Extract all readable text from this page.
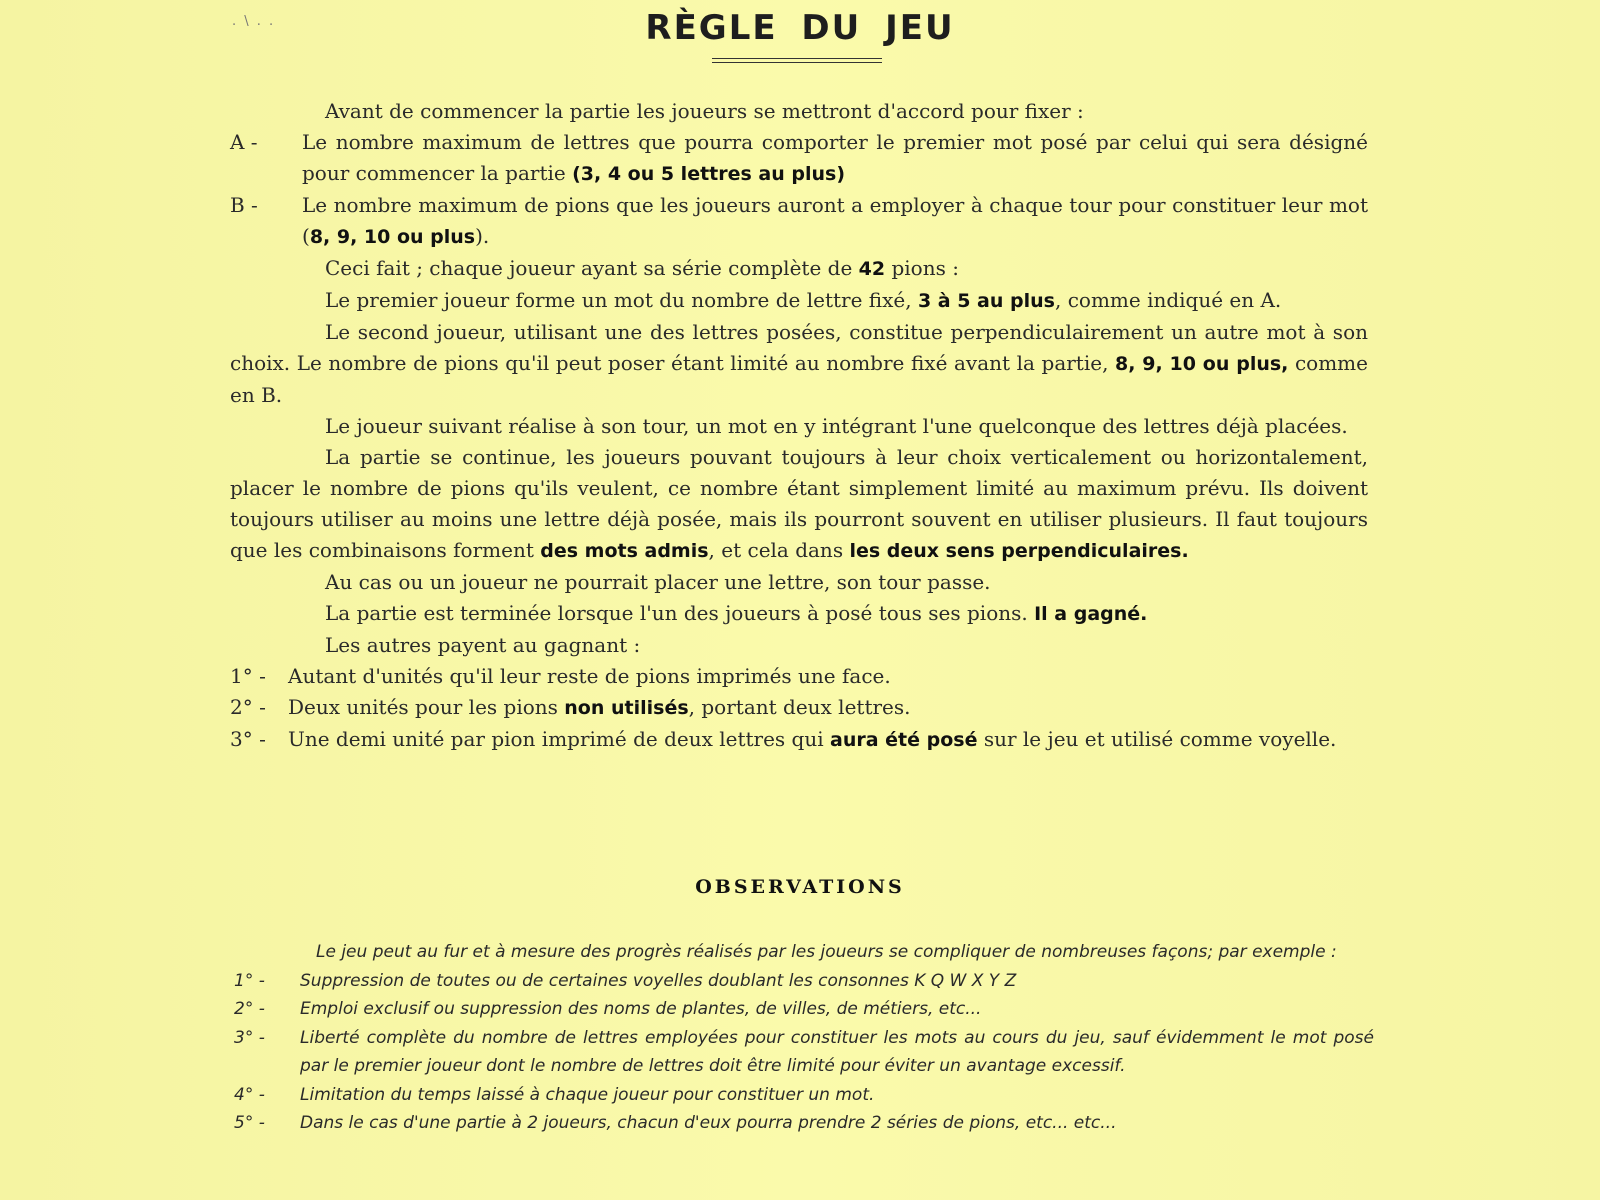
. \ . .	RÈGLE DU JEU

Avant de commencer la partie les joueurs se mettront d'accord pour fixer :

A -	Le nombre maximum de lettres que pourra comporter le premier mot posé par celui qui sera désigné pour commencer la partie (3, 4 ou 5 lettres au plus)
B -	Le nombre maximum de pions que les joueurs auront a employer à chaque tour pour constituer leur mot (8, 9, 10 ou plus).

Ceci fait ; chaque joueur ayant sa série complète de 42 pions :

Le premier joueur forme un mot du nombre de lettre fixé, 3 à 5 au plus, comme indiqué en A.

Le second joueur, utilisant une des lettres posées, constitue perpendiculairement un autre mot à son choix. Le nombre de pions qu'il peut poser étant limité au nombre fixé avant la partie, 8, 9, 10 ou plus, comme en B.

Le joueur suivant réalise à son tour, un mot en y intégrant l'une quelconque des lettres déjà placées.

La partie se continue, les joueurs pouvant toujours à leur choix verticalement ou horizontalement, placer le nombre de pions qu'ils veulent, ce nombre étant simplement limité au maximum prévu. Ils doivent toujours utiliser au moins une lettre déjà posée, mais ils pourront souvent en utiliser plusieurs. Il faut toujours que les combinaisons forment des mots admis, et cela dans les deux sens perpendiculaires.

Au cas ou un joueur ne pourrait placer une lettre, son tour passe.

La partie est terminée lorsque l'un des joueurs à posé tous ses pions. Il a gagné.

Les autres payent au gagnant :

1° -	Autant d'unités qu'il leur reste de pions imprimés une face.
2° -	Deux unités pour les pions non utilisés, portant deux lettres.
3° -	Une demi unité par pion imprimé de deux lettres qui aura été posé sur le jeu et utilisé comme voyelle.
OBSERVATIONS

Le jeu peut au fur et à mesure des progrès réalisés par les joueurs se compliquer de nombreuses façons; par exemple :

1° -	Suppression de toutes ou de certaines voyelles doublant les consonnes K Q W X Y Z
2° -	Emploi exclusif ou suppression des noms de plantes, de villes, de métiers, etc...
3° -	Liberté complète du nombre de lettres employées pour constituer les mots au cours du jeu, sauf évidemment le mot posé par le premier joueur dont le nombre de lettres doit être limité pour éviter un avantage excessif.
4° -	Limitation du temps laissé à chaque joueur pour constituer un mot.
5° -	Dans le cas d'une partie à 2 joueurs, chacun d'eux pourra prendre 2 séries de pions, etc... etc...
